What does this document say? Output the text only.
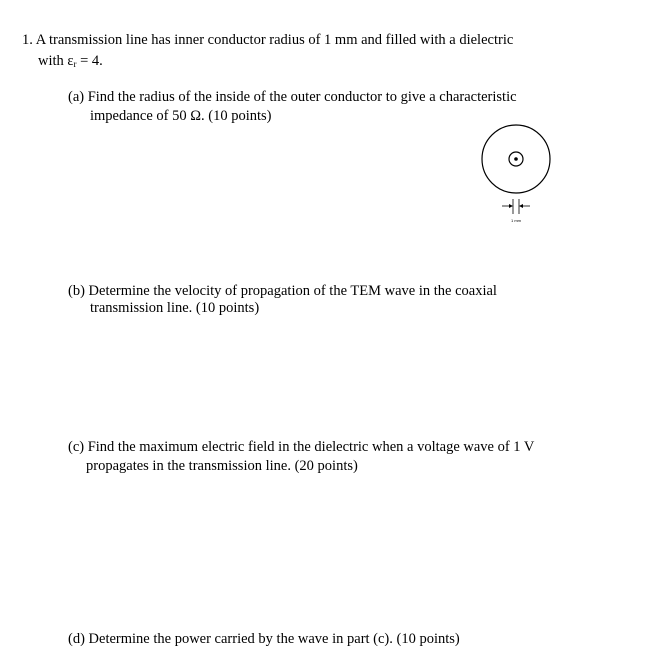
1. A transmission line has inner conductor radius of 1 mm and filled with a dielectric
with $\varepsilon_r = 4$.
(a) Find the radius of the inside of the outer conductor to give a characteristic
impedance of 50 Ω. (10 points)
1 mm
(b) Determine the velocity of propagation of the TEM wave in the coaxial
transmission line. (10 points)
(c) Find the maximum electric field in the dielectric when a voltage wave of 1 V
propagates in the transmission line. (20 points)
(d) Determine the power carried by the wave in part (c). (10 points)
